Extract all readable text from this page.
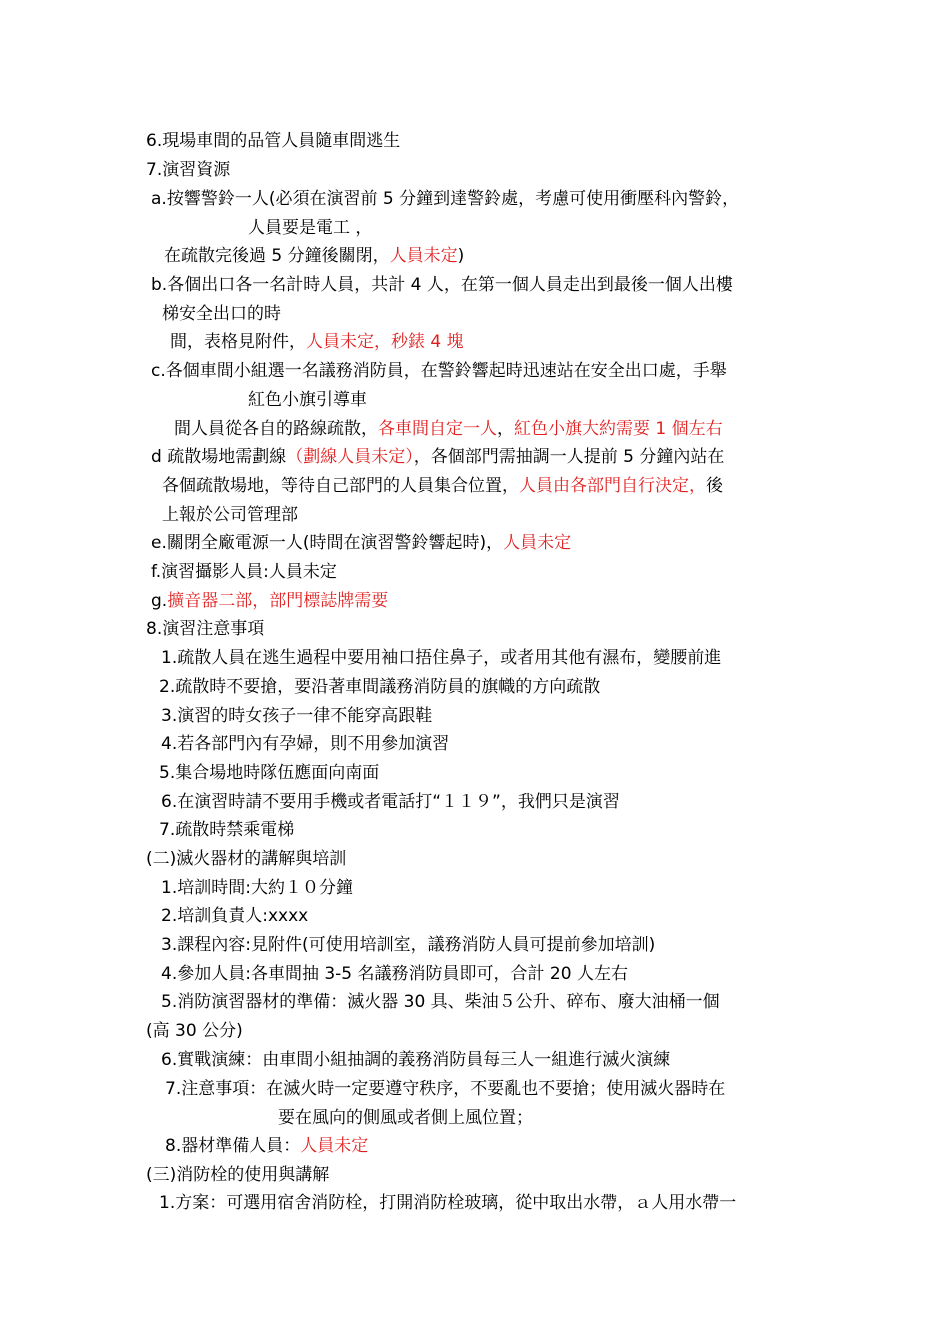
6.現場車間的品管人員隨車間逃生
7.演習資源
a.按響警鈴一人(必須在演習前 5 分鐘到達警鈴處，考慮可使用衝壓科內警鈴，
人員要是電工 ，
在疏散完後過 5 分鐘後關閉，人員未定)
b.各個出口各一名計時人員，共計 4 人，在第一個人員走出到最後一個人出樓
梯安全出口的時
間，表格見附件，人員未定，秒錶 4 塊
c.各個車間小組選一名議務消防員，在警鈴響起時迅速站在安全出口處，手舉
紅色小旗引導車
間人員從各自的路線疏散，各車間自定一人，紅色小旗大約需要 1 個左右
d 疏散場地需劃線（劃線人員未定），各個部門需抽調一人提前 5 分鐘內站在
各個疏散場地，等待自己部門的人員集合位置，人員由各部門自行決定，後
上報於公司管理部
e.關閉全廠電源一人(時間在演習警鈴響起時)，人員未定
f.演習攝影人員:人員未定
g.擴音器二部，部門標誌牌需要
8.演習注意事項
1.疏散人員在逃生過程中要用袖口捂住鼻子，或者用其他有濕布，變腰前進
2.疏散時不要搶，要沿著車間議務消防員的旗幟的方向疏散
3.演習的時女孩子一律不能穿高跟鞋
4.若各部門內有孕婦，則不用參加演習
5.集合場地時隊伍應面向南面
6.在演習時請不要用手機或者電話打“１１９”，我們只是演習
7.疏散時禁乘電梯
(二)滅火器材的講解與培訓
1.培訓時間:大約１０分鐘
2.培訓負責人:xxxx
3.課程內容:見附件(可使用培訓室，議務消防人員可提前參加培訓)
4.參加人員:各車間抽 3-5 名議務消防員即可，合計 20 人左右
5.消防演習器材的準備：滅火器 30 具、柴油５公升、碎布、廢大油桶一個
(高 30 公分)
6.實戰演練：由車間小組抽調的義務消防員每三人一組進行滅火演練
7.注意事項：在滅火時一定要遵守秩序，不要亂也不要搶；使用滅火器時在
要在風向的側風或者側上風位置；
8.器材準備人員：人員未定
(三)消防栓的使用與講解
1.方案：可選用宿舍消防栓，打開消防栓玻璃，從中取出水帶，ａ人用水帶一
